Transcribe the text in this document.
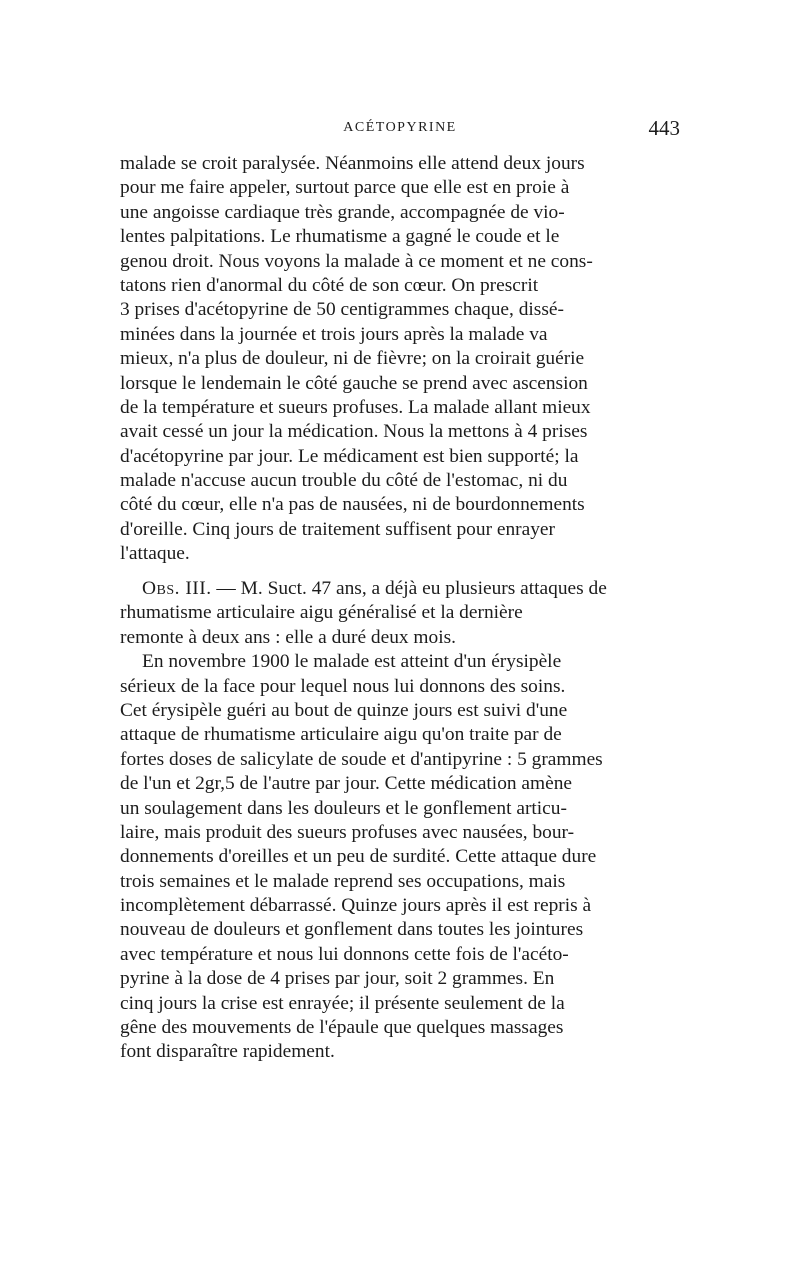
ACÉTOPYRINE	443
malade se croit paralysée. Néanmoins elle attend deux jours
pour me faire appeler, surtout parce que elle est en proie à
une angoisse cardiaque très grande, accompagnée de vio-
lentes palpitations. Le rhumatisme a gagné le coude et le
genou droit. Nous voyons la malade à ce moment et ne cons-
tatons rien d'anormal du côté de son cœur. On prescrit
3 prises d'acétopyrine de 50 centigrammes chaque, dissé-
minées dans la journée et trois jours après la malade va
mieux, n'a plus de douleur, ni de fièvre; on la croirait guérie
lorsque le lendemain le côté gauche se prend avec ascension
de la température et sueurs profuses. La malade allant mieux
avait cessé un jour la médication. Nous la mettons à 4 prises
d'acétopyrine par jour. Le médicament est bien supporté; la
malade n'accuse aucun trouble du côté de l'estomac, ni du
côté du cœur, elle n'a pas de nausées, ni de bourdonnements
d'oreille. Cinq jours de traitement suffisent pour enrayer
l'attaque.
Obs. III. — M. Suct. 47 ans, a déjà eu plusieurs attaques de
rhumatisme articulaire aigu généralisé et la dernière
remonte à deux ans : elle a duré deux mois.
En novembre 1900 le malade est atteint d'un érysipèle
sérieux de la face pour lequel nous lui donnons des soins.
Cet érysipèle guéri au bout de quinze jours est suivi d'une
attaque de rhumatisme articulaire aigu qu'on traite par de
fortes doses de salicylate de soude et d'antipyrine : 5 grammes
de l'un et 2gr,5 de l'autre par jour. Cette médication amène
un soulagement dans les douleurs et le gonflement articu-
laire, mais produit des sueurs profuses avec nausées, bour-
donnements d'oreilles et un peu de surdité. Cette attaque dure
trois semaines et le malade reprend ses occupations, mais
incomplètement débarrassé. Quinze jours après il est repris à
nouveau de douleurs et gonflement dans toutes les jointures
avec température et nous lui donnons cette fois de l'acéto-
pyrine à la dose de 4 prises par jour, soit 2 grammes. En
cinq jours la crise est enrayée; il présente seulement de la
gêne des mouvements de l'épaule que quelques massages
font disparaître rapidement.
